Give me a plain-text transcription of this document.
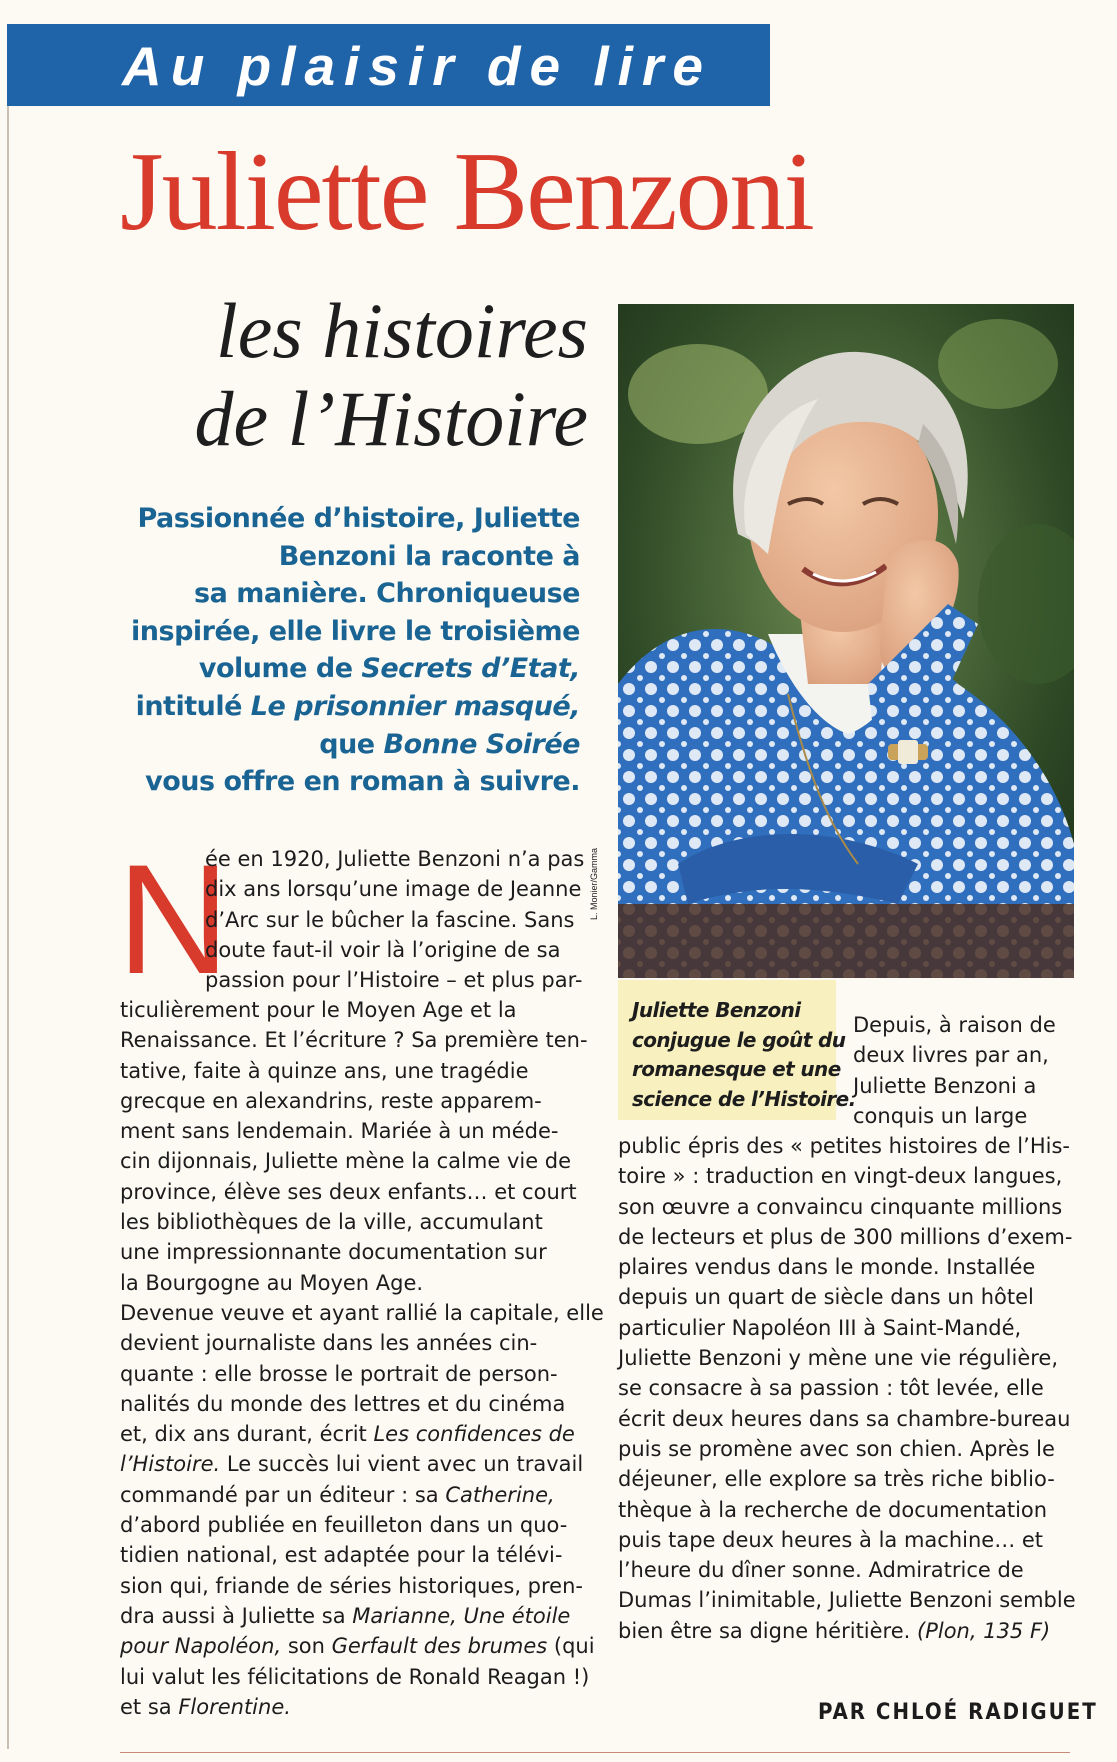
Au plaisir de lire
Juliette Benzoni
les histoires
de l’Histoire
Passionnée d’histoire, Juliette
Benzoni la raconte à
sa manière. Chroniqueuse
inspirée, elle livre le troisième
volume de Secrets d’Etat,
intitulé Le prisonnier masqué,
que Bonne Soirée
vous offre en roman à suivre.
L. Monier/Gamma
Juliette Benzoni
conjugue le goût du
romanesque et une
science de l’Histoire.
N
ée en 1920, Juliette Benzoni n’a pas
dix ans lorsqu’une image de Jeanne
d’Arc sur le bûcher la fascine. Sans
doute faut-il voir là l’origine de sa
passion pour l’Histoire – et plus par-
ticulièrement pour le Moyen Age et la
Renaissance. Et l’écriture ? Sa première ten-
tative, faite à quinze ans, une tragédie
grecque en alexandrins, reste apparem-
ment sans lendemain. Mariée à un méde-
cin dijonnais, Juliette mène la calme vie de
province, élève ses deux enfants… et court
les bibliothèques de la ville, accumulant
une impressionnante documentation sur
la Bourgogne au Moyen Age.
Devenue veuve et ayant rallié la capitale, elle
devient journaliste dans les années cin-
quante : elle brosse le portrait de person-
nalités du monde des lettres et du cinéma
et, dix ans durant, écrit Les confidences de
l’Histoire. Le succès lui vient avec un travail
commandé par un éditeur : sa Catherine,
d’abord publiée en feuilleton dans un quo-
tidien national, est adaptée pour la télévi-
sion qui, friande de séries historiques, pren-
dra aussi à Juliette sa Marianne, Une étoile
pour Napoléon, son Gerfault des brumes (qui
lui valut les félicitations de Ronald Reagan !)
et sa Florentine.
Depuis, à raison de
deux livres par an,
Juliette Benzoni a
conquis un large
public épris des « petites histoires de l’His-
toire » : traduction en vingt-deux langues,
son œuvre a convaincu cinquante millions
de lecteurs et plus de 300 millions d’exem-
plaires vendus dans le monde. Installée
depuis un quart de siècle dans un hôtel
particulier Napoléon III à Saint-Mandé,
Juliette Benzoni y mène une vie régulière,
se consacre à sa passion : tôt levée, elle
écrit deux heures dans sa chambre-bureau
puis se promène avec son chien. Après le
déjeuner, elle explore sa très riche biblio-
thèque à la recherche de documentation
puis tape deux heures à la machine… et
l’heure du dîner sonne. Admiratrice de
Dumas l’inimitable, Juliette Benzoni semble
bien être sa digne héritière. (Plon, 135 F)
PAR CHLOÉ RADIGUET
